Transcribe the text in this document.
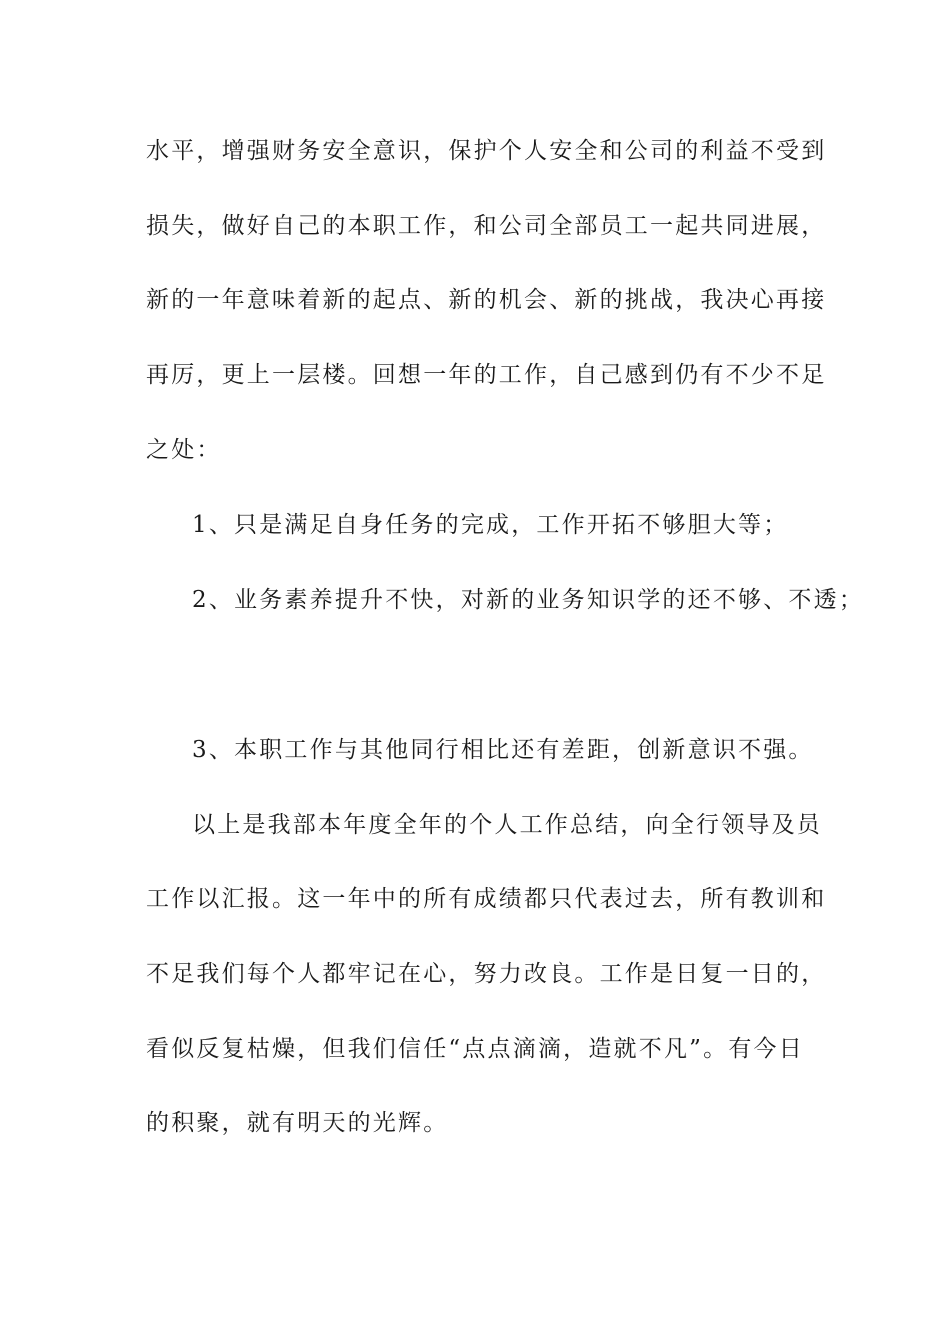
水平，增强财务安全意识，保护个人安全和公司的利益不受到
损失，做好自己的本职工作，和公司全部员工一起共同进展，
新的一年意味着新的起点、新的机会、新的挑战，我决心再接
再厉，更上一层楼。回想一年的工作，自己感到仍有不少不足
之处：
1、只是满足自身任务的完成，工作开拓不够胆大等；
2、业务素养提升不快，对新的业务知识学的还不够、不透；
3、本职工作与其他同行相比还有差距，创新意识不强。
以上是我部本年度全年的个人工作总结，向全行领导及员
工作以汇报。这一年中的所有成绩都只代表过去，所有教训和
不足我们每个人都牢记在心，努力改良。工作是日复一日的，
看似反复枯燥，但我们信任“点点滴滴，造就不凡”。有今日
的积聚，就有明天的光辉。
